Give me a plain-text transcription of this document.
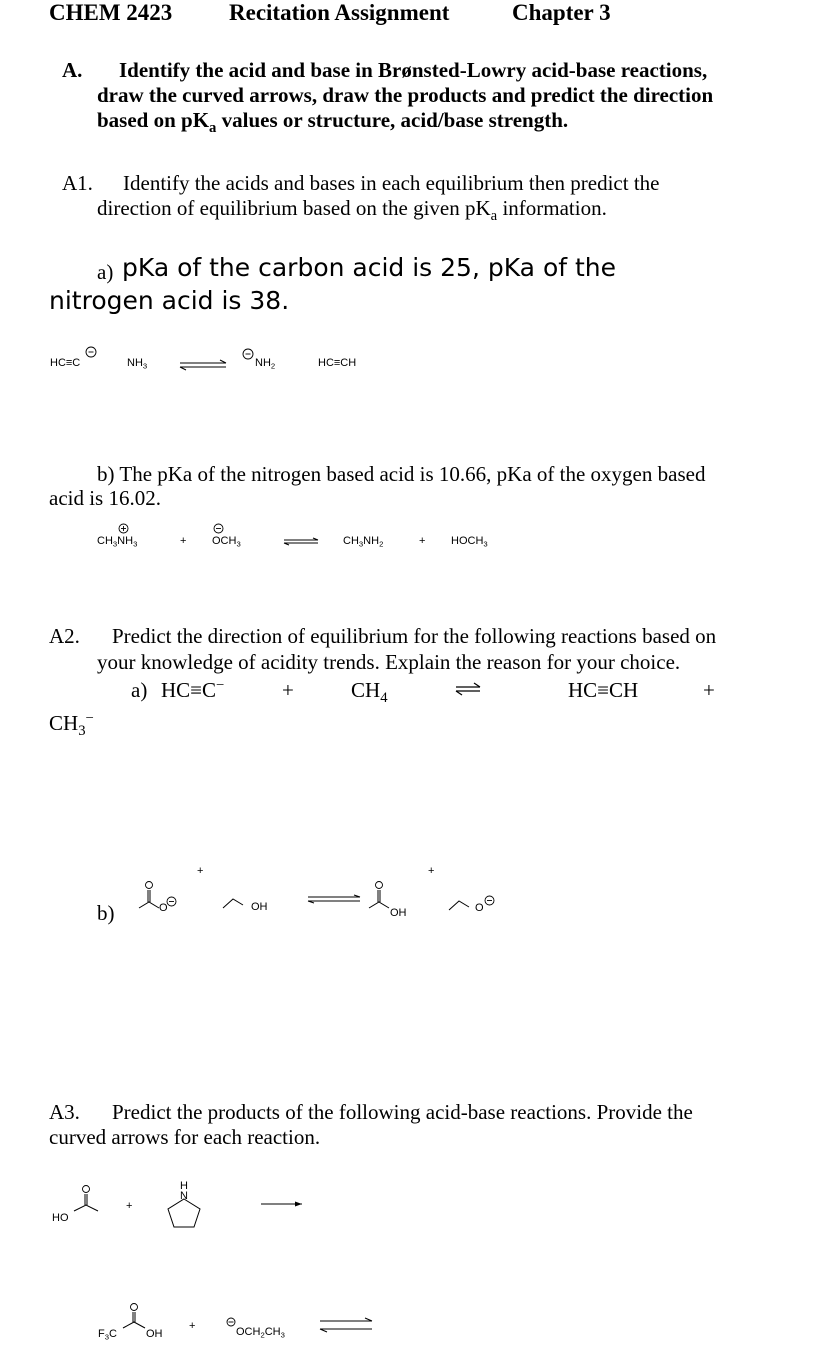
CHEM 2423 Recitation Assignment	Chapter 3
A. Identify the acid and base in Brønsted-Lowry acid-base reactions,
draw the curved arrows, draw the products and predict the direction
based on $pK_a$ values or structure, acid/base strength.
A1. Identify the acids and bases in each equilibrium then predict the
direction of equilibrium based on the given $pK_a$ information.
a) pKa of the carbon acid is 25, pKa of the
nitrogen acid is 38.
HC≡C	$NH_3$	$NH_2$	HC≡CH
b) The pKa of the nitrogen based acid is 10.66, pKa of the oxygen based
acid is 16.02.
$CH_3NH_3$	+ $OCH_3$	⇌ $CH_3NH_2$	+ $HOCH_3$
A2. Predict the direction of equilibrium for the following reactions based on
your knowledge of acidity trends. Explain the reason for your choice.
a) HC≡C−	+	$CH_4$	HC≡CH	+
$CH_3^-$
b)	O
+
OH	OH
+
O
A3. Predict the products of the following acid-base reactions. Provide the
curved arrows for each reaction.
HO
+
H
N
$F_3C$	OH
+	$OCH_2CH_3$
